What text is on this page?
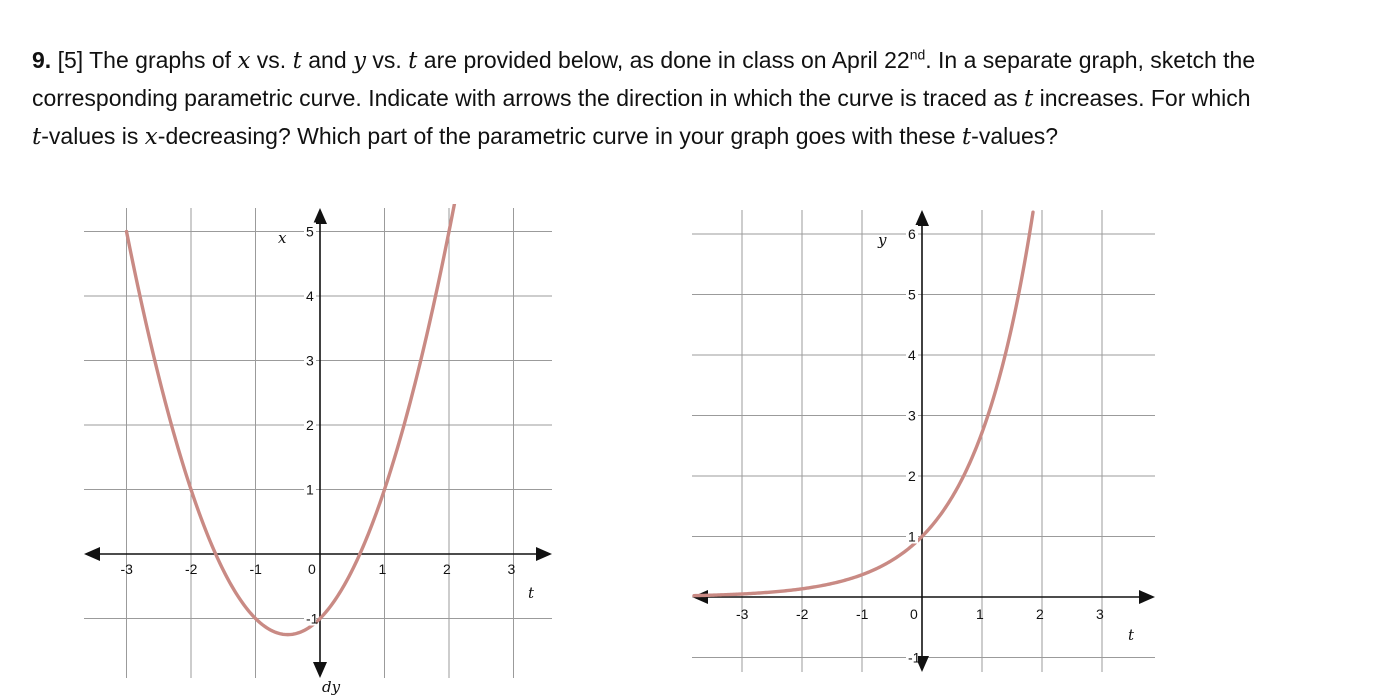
9. [5] The graphs of x vs. t and y vs. t are provided below, as done in class on April 22nd. In a separate graph, sketch the corresponding parametric curve. Indicate with arrows the direction in which the curve is traced as t increases. For which t-values is x-decreasing? Which part of the parametric curve in your graph goes with these t-values?
-3	-2	-1	0	1	2	3
5
4
3
2
1
-1
x
t
-3	-2	-1	0	1	2	3
6
5
4
3
2
1
-1
y
t
dy
